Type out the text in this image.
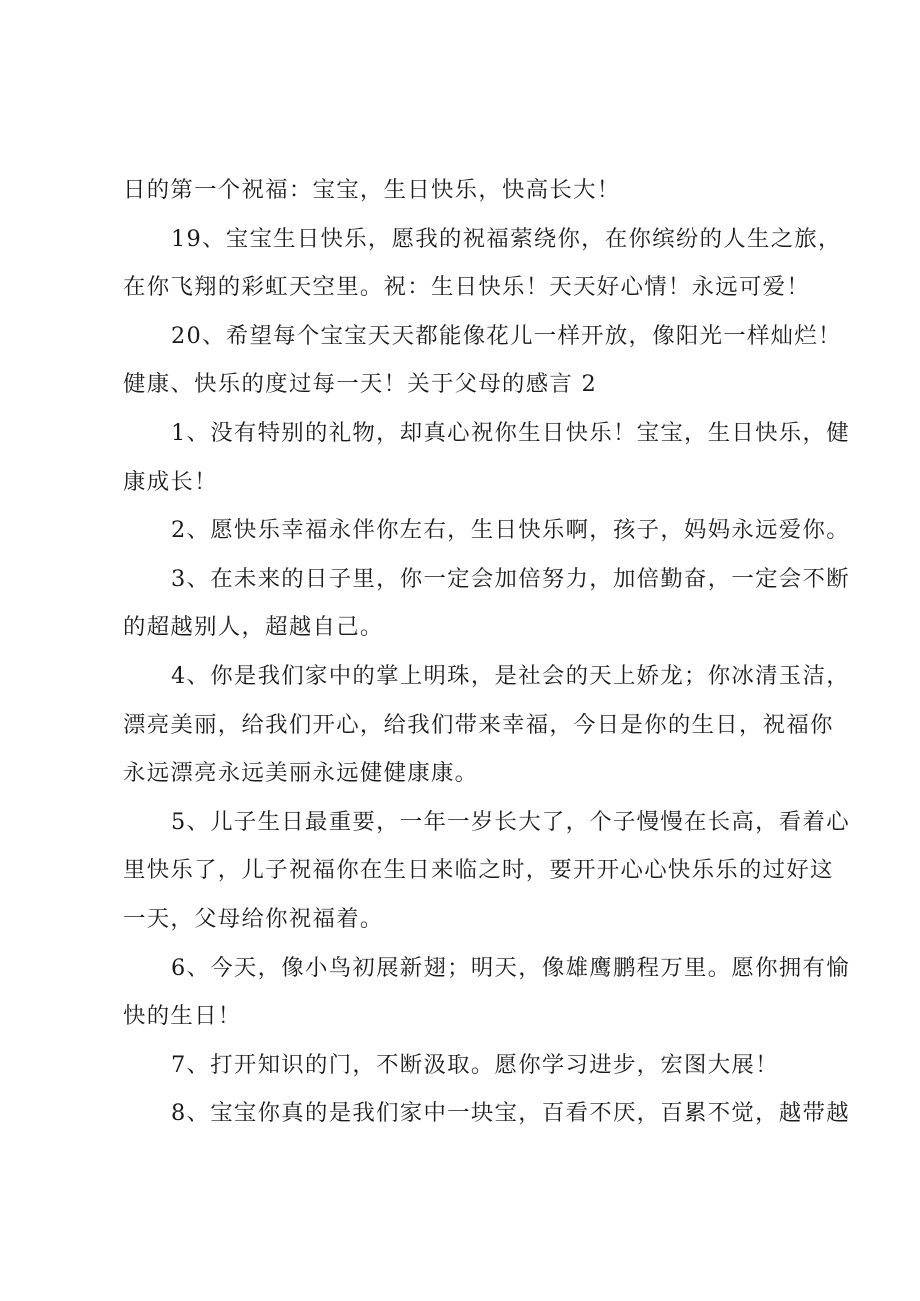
日的第一个祝福：宝宝，生日快乐，快高长大！
19、宝宝生日快乐，愿我的祝福萦绕你，在你缤纷的人生之旅，
在你飞翔的彩虹天空里。祝：生日快乐！天天好心情！永远可爱！
20、希望每个宝宝天天都能像花儿一样开放，像阳光一样灿烂！
健康、快乐的度过每一天！关于父母的感言 2
1、没有特别的礼物，却真心祝你生日快乐！宝宝，生日快乐，健
康成长！
2、愿快乐幸福永伴你左右，生日快乐啊，孩子，妈妈永远爱你。
3、在未来的日子里，你一定会加倍努力，加倍勤奋，一定会不断
的超越别人，超越自己。
4、你是我们家中的掌上明珠，是社会的天上娇龙；你冰清玉洁，
漂亮美丽，给我们开心，给我们带来幸福，今日是你的生日，祝福你
永远漂亮永远美丽永远健健康康。
5、儿子生日最重要，一年一岁长大了，个子慢慢在长高，看着心
里快乐了，儿子祝福你在生日来临之时，要开开心心快乐乐的过好这
一天，父母给你祝福着。
6、今天，像小鸟初展新翅；明天，像雄鹰鹏程万里。愿你拥有愉
快的生日！
7、打开知识的门，不断汲取。愿你学习进步，宏图大展！
8、宝宝你真的是我们家中一块宝，百看不厌，百累不觉，越带越
